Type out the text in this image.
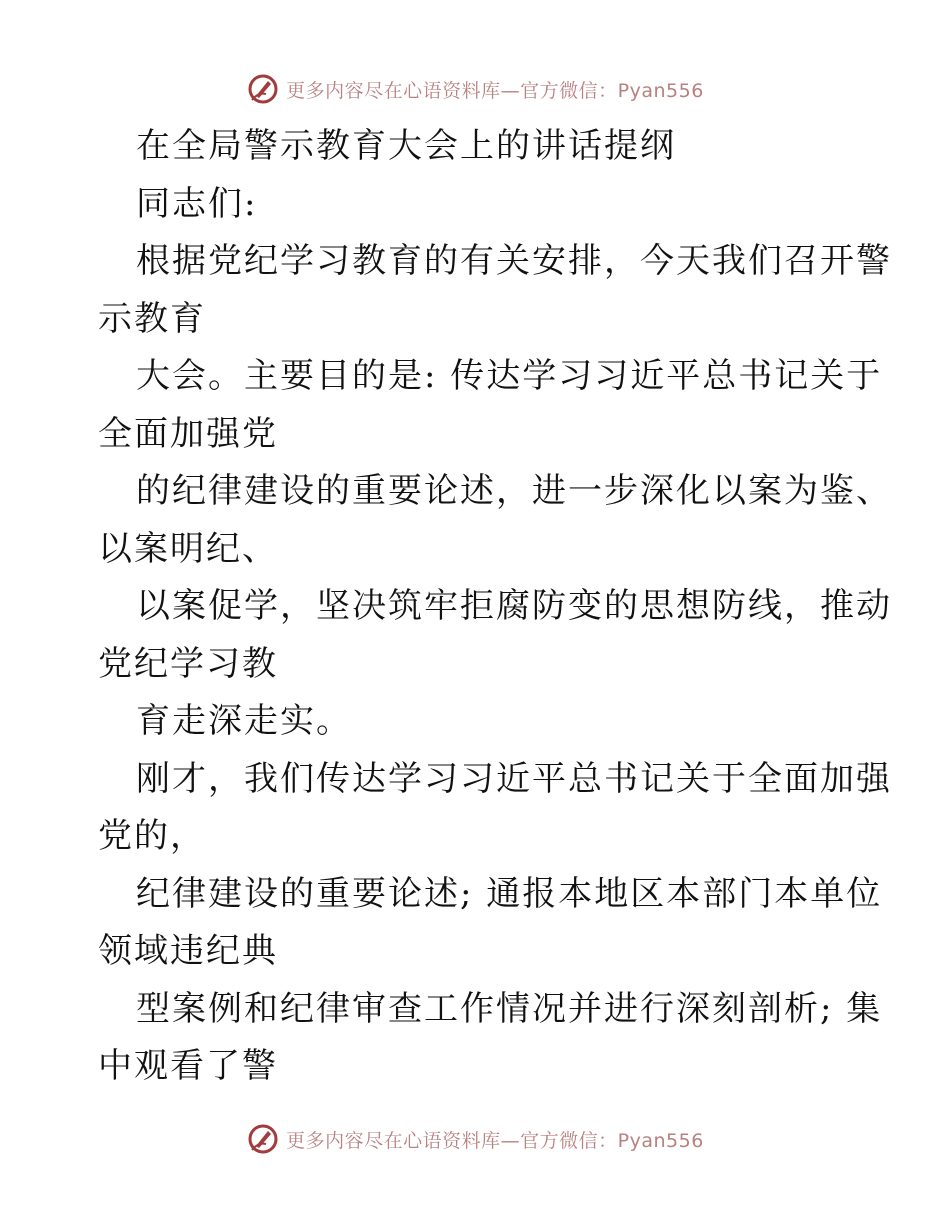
更多内容尽在心语资料库—官方微信：Pyan556
在全局警示教育大会上的讲话提纲
同志们:
根据党纪学习教育的有关安排，今天我们召开警
示教育
大会。主要目的是: 传达学习习近平总书记关于
全面加强党
的纪律建设的重要论述，进一步深化以案为鉴、
以案明纪、
以案促学，坚决筑牢拒腐防变的思想防线，推动
党纪学习教
育走深走实。
刚才，我们传达学习习近平总书记关于全面加强
党的，
纪律建设的重要论述; 通报本地区本部门本单位
领域违纪典
型案例和纪律审查工作情况并进行深刻剖析; 集
中观看了警
更多内容尽在心语资料库—官方微信：Pyan556
